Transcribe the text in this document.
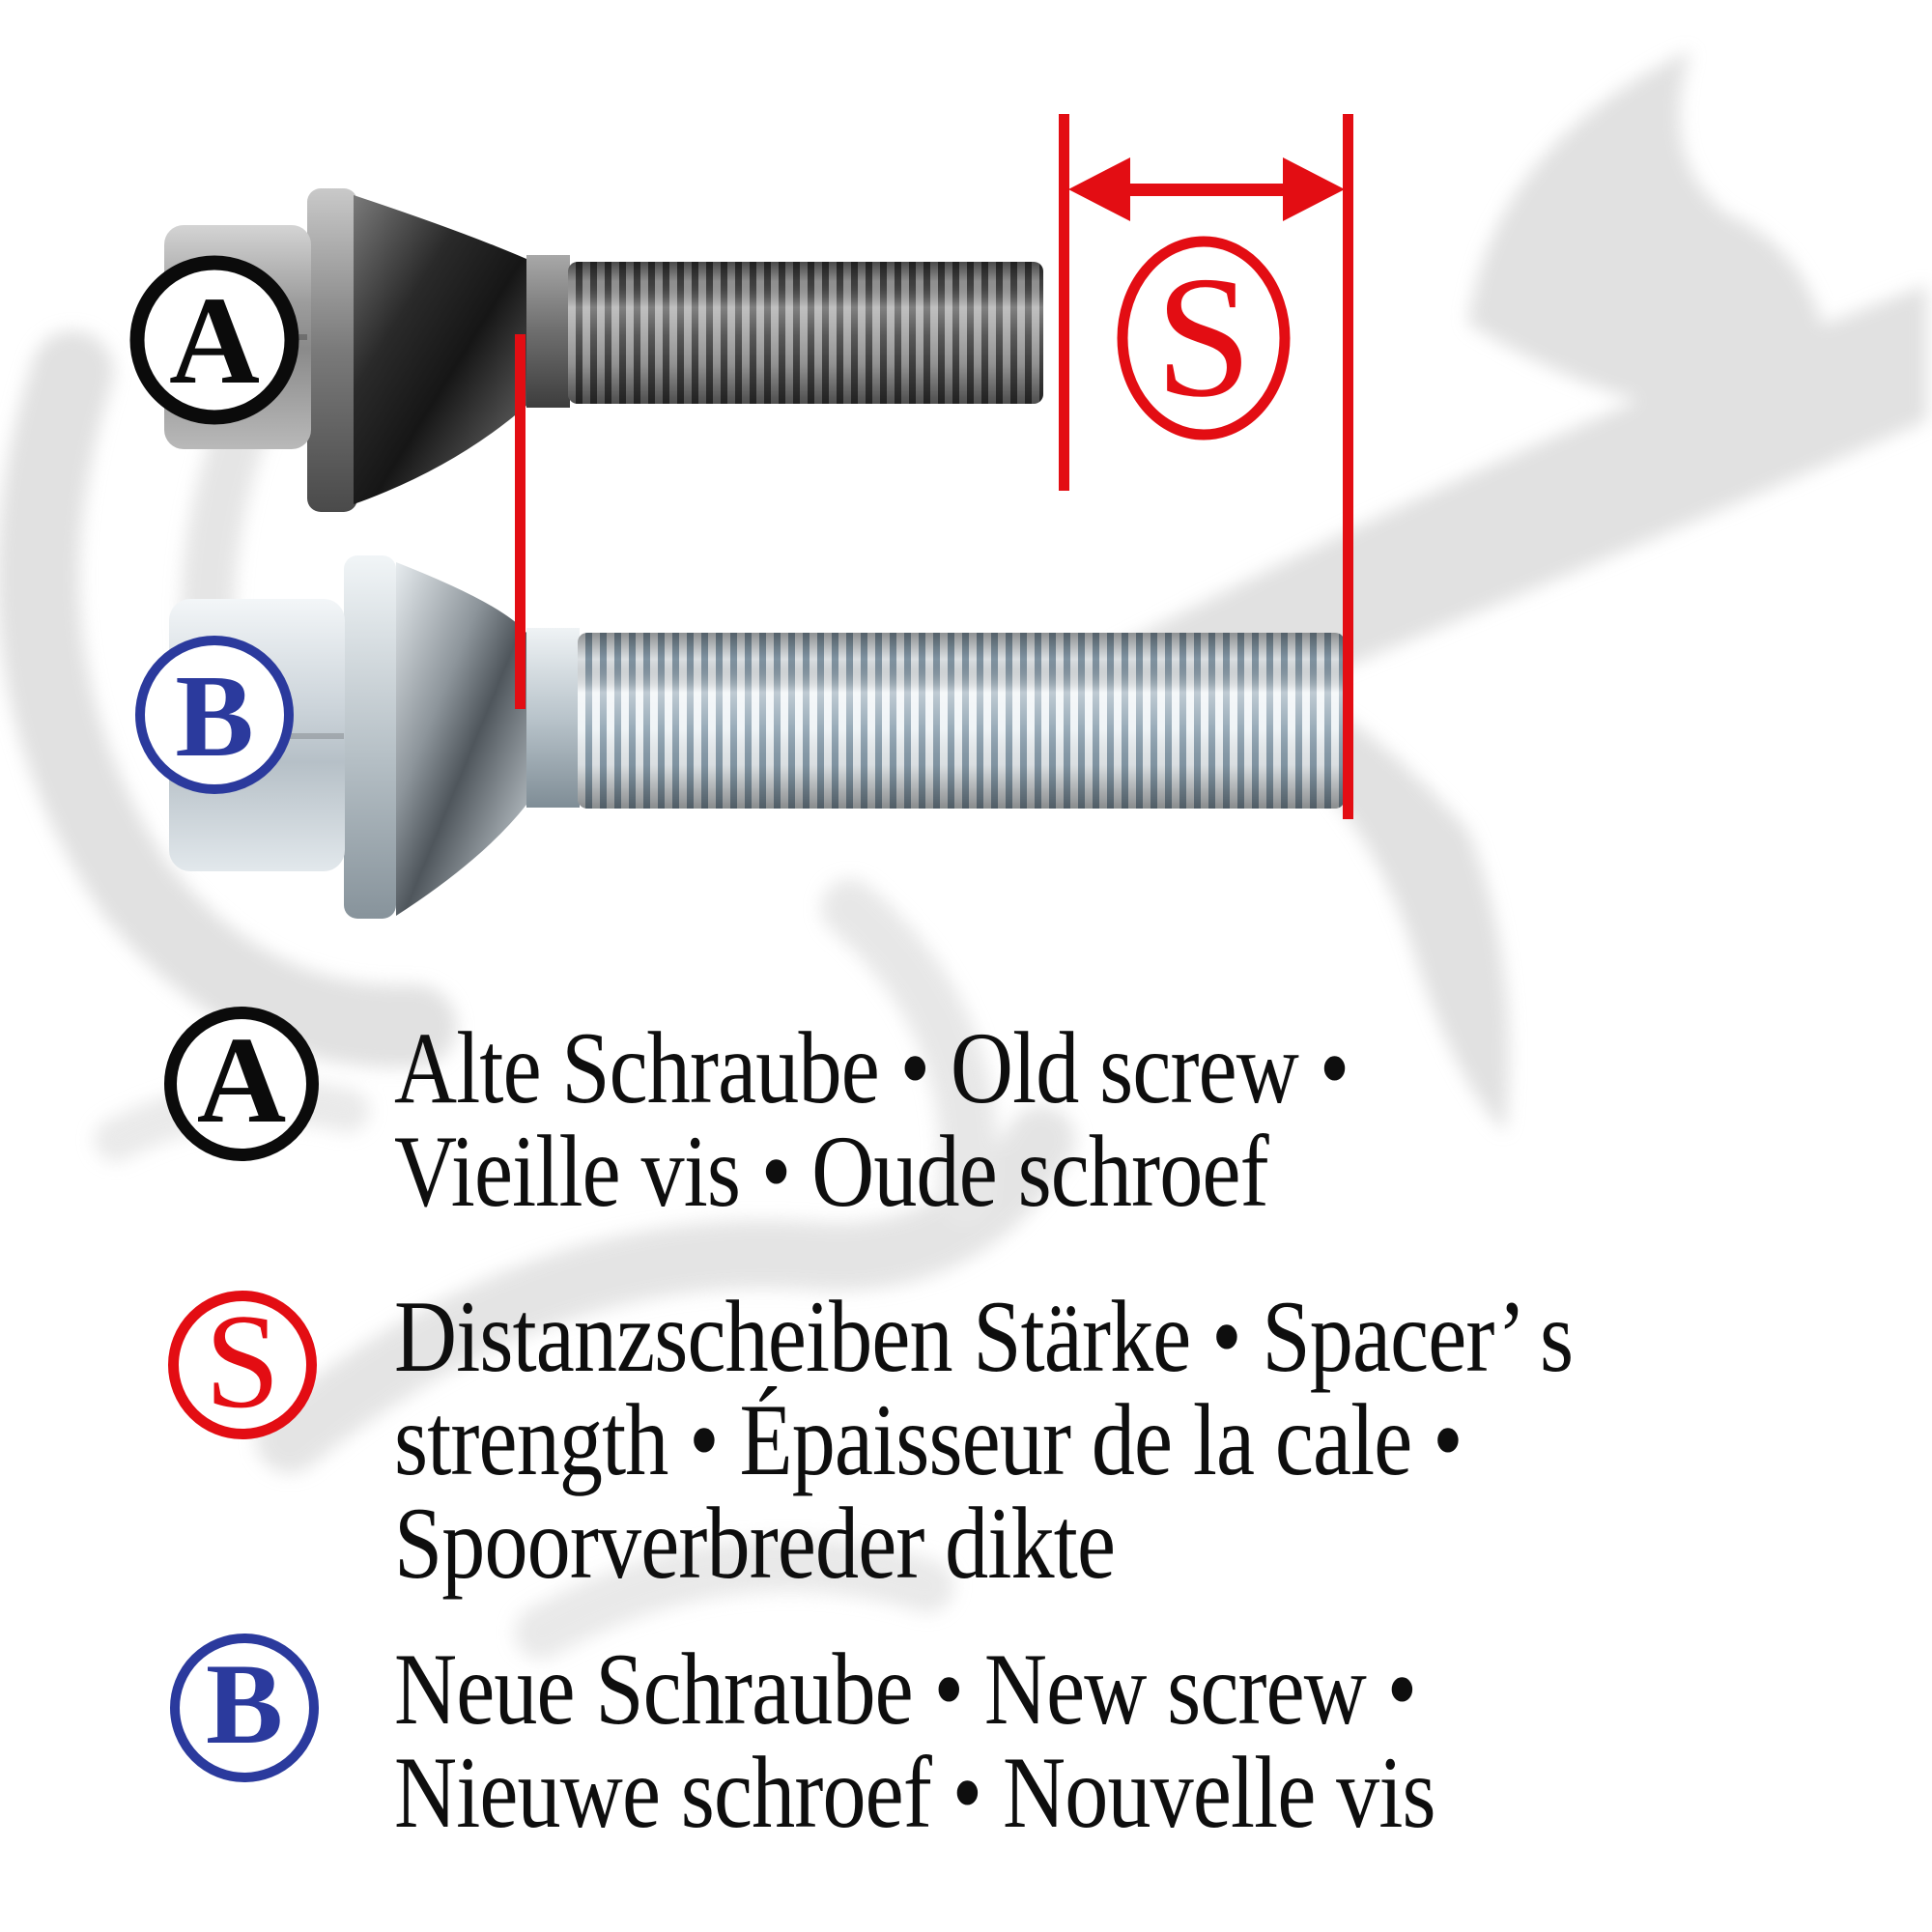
S
A
B
A Alte Schraube • Old screw •
Vieille vis • Oude schroef
S Distanzscheiben Stärke • Spacer’ s
strength • Épaisseur de la cale •
Spoorverbreder dikte
B Neue Schraube • New screw •
Nieuwe schroef • Nouvelle vis
